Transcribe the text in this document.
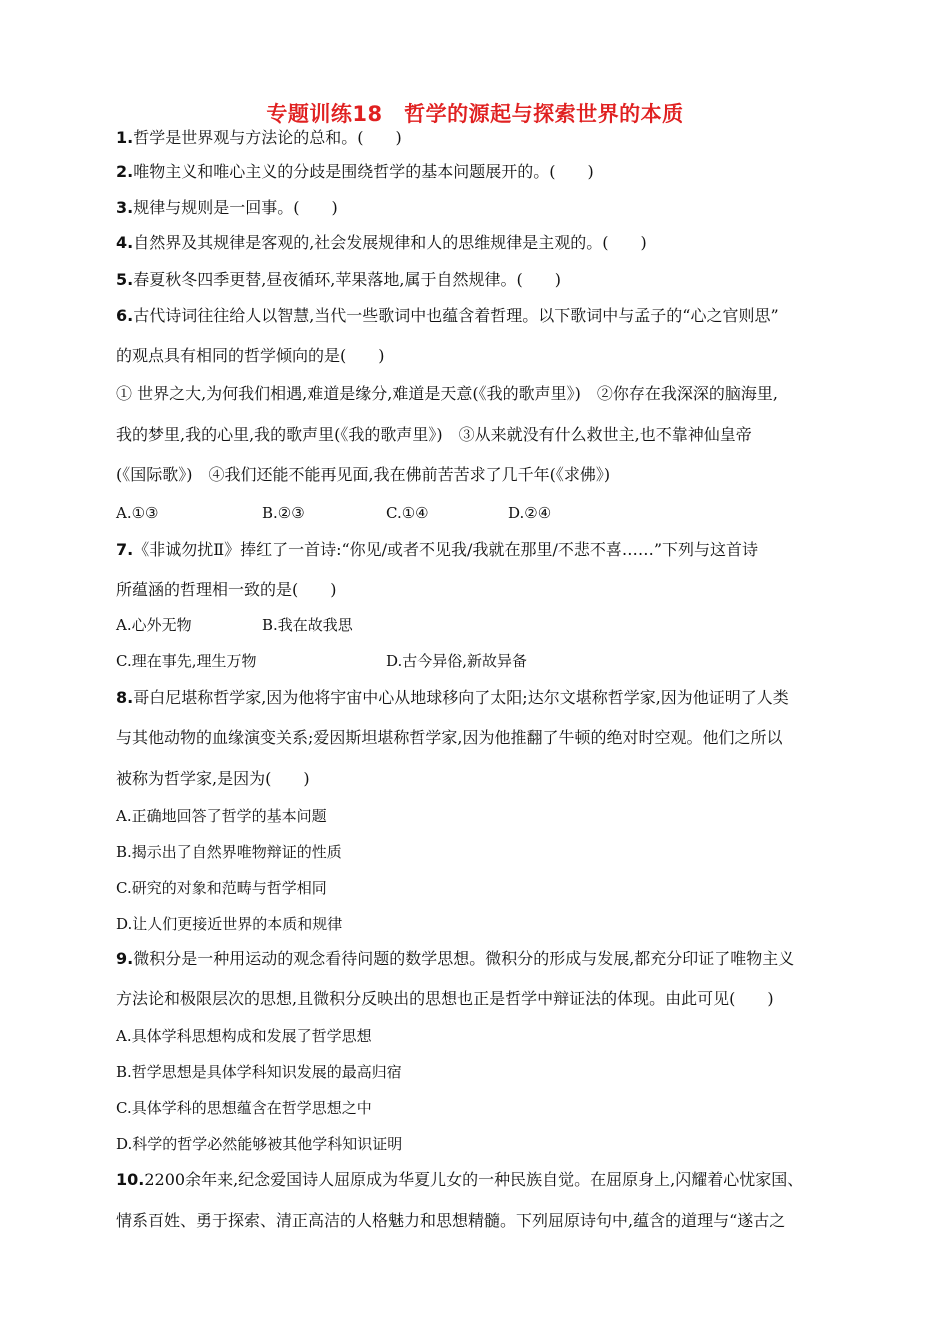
专题训练18　哲学的源起与探索世界的本质
1.哲学是世界观与方法论的总和。(　　)
2.唯物主义和唯心主义的分歧是围绕哲学的基本问题展开的。(　　)
3.规律与规则是一回事。(　　)
4.自然界及其规律是客观的,社会发展规律和人的思维规律是主观的。(　　)
5.春夏秋冬四季更替,昼夜循环,苹果落地,属于自然规律。(　　)
6.古代诗词往往给人以智慧,当代一些歌词中也蕴含着哲理。以下歌词中与孟子的“心之官则思”
的观点具有相同的哲学倾向的是(　　)
① 世界之大,为何我们相遇,难道是缘分,难道是天意(《我的歌声里》)　②你存在我深深的脑海里,
我的梦里,我的心里,我的歌声里(《我的歌声里》)　③从来就没有什么救世主,也不靠神仙皇帝
(《国际歌》)　④我们还能不能再见面,我在佛前苦苦求了几千年(《求佛》)
A.①③	B.②③	C.①④	D.②④
7.《非诚勿扰Ⅱ》捧红了一首诗:“你见/或者不见我/我就在那里/不悲不喜……”下列与这首诗
所蕴涵的哲理相一致的是(　　)
A.心外无物	B.我在故我思
C.理在事先,理生万物	D.古今异俗,新故异备
8.哥白尼堪称哲学家,因为他将宇宙中心从地球移向了太阳;达尔文堪称哲学家,因为他证明了人类
与其他动物的血缘演变关系;爱因斯坦堪称哲学家,因为他推翻了牛顿的绝对时空观。他们之所以
被称为哲学家,是因为(　　)
A.正确地回答了哲学的基本问题
B.揭示出了自然界唯物辩证的性质
C.研究的对象和范畴与哲学相同
D.让人们更接近世界的本质和规律
9.微积分是一种用运动的观念看待问题的数学思想。微积分的形成与发展,都充分印证了唯物主义
方法论和极限层次的思想,且微积分反映出的思想也正是哲学中辩证法的体现。由此可见(　　)
A.具体学科思想构成和发展了哲学思想
B.哲学思想是具体学科知识发展的最高归宿
C.具体学科的思想蕴含在哲学思想之中
D.科学的哲学必然能够被其他学科知识证明
10.2200余年来,纪念爱国诗人屈原成为华夏儿女的一种民族自觉。在屈原身上,闪耀着心忧家国、
情系百姓、勇于探索、清正高洁的人格魅力和思想精髓。下列屈原诗句中,蕴含的道理与“遂古之
